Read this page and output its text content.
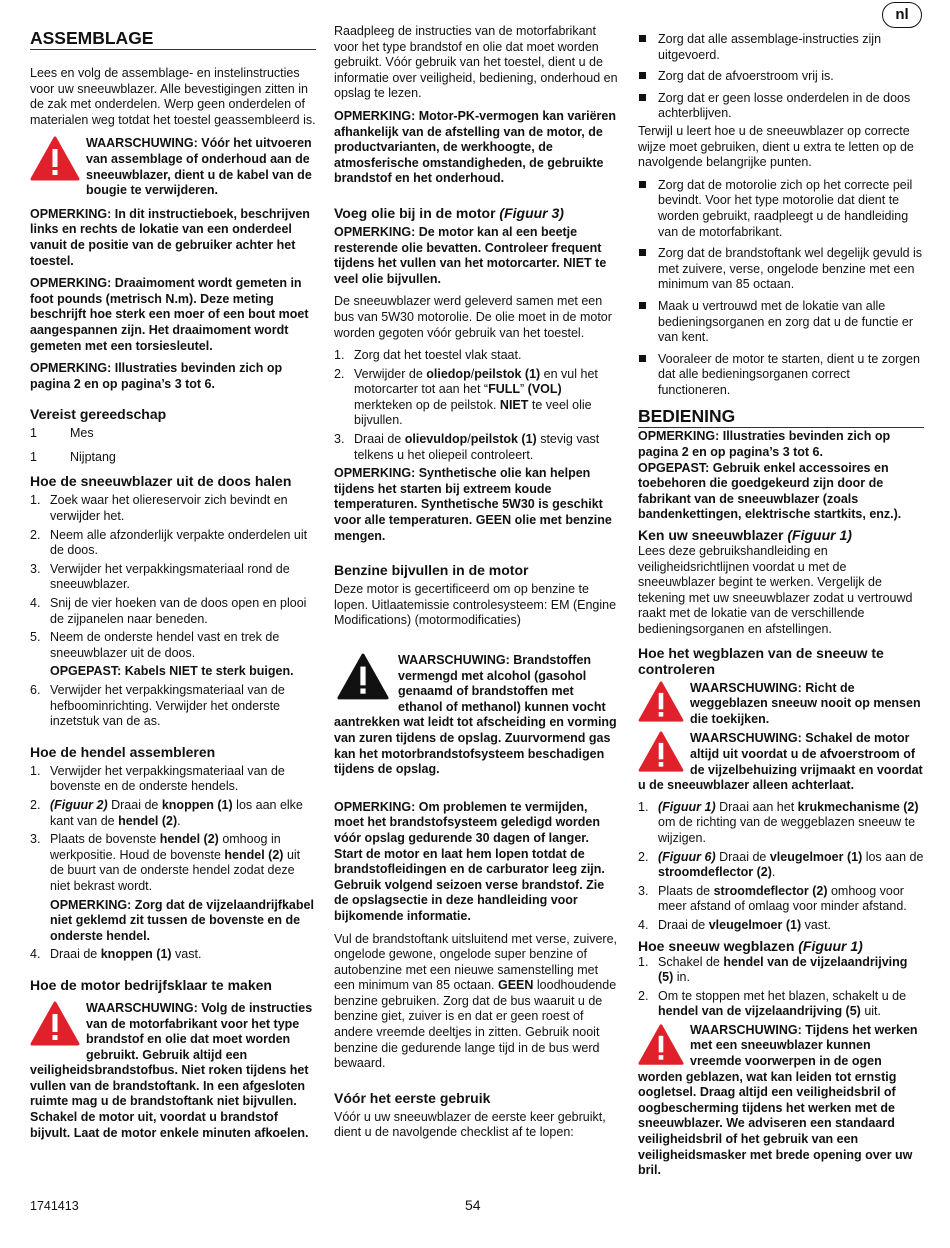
nl
ASSEMBLAGE

Lees en volg de assemblage- en instelinstructies voor uw sneeuwblazer. Alle bevestigingen zitten in de zak met onderdelen. Werp geen onderdelen of materialen weg totdat het toestel geassembleerd is.

WAARSCHUWING: Vóór het uitvoeren van assemblage of onderhoud aan de sneeuwblazer, dient u de kabel van de bougie te verwijderen.
OPMERKING: In dit instructieboek, beschrijven links en rechts de lokatie van een onderdeel vanuit de positie van de gebruiker achter het toestel.
OPMERKING: Draaimoment wordt gemeten in foot pounds (metrisch N.m). Deze meting beschrijft hoe sterk een moer of een bout moet aangespannen zijn. Het draaimoment wordt gemeten met een torsiesleutel.
OPMERKING: Illustraties bevinden zich op pagina 2 en op pagina’s 3 tot 6.
Vereist gereedschap
1	Mes
1	Nijptang
Hoe de sneeuwblazer uit de doos halen
1. Zoek waar het oliereservoir zich bevindt en verwijder het.
2. Neem alle afzonderlijk verpakte onderdelen uit de doos.
3. Verwijder het verpakkingsmateriaal rond de sneeuwblazer.
4. Snij de vier hoeken van de doos open en plooi de zijpanelen naar beneden.
5. Neem de onderste hendel vast en trek de sneeuwblazer uit de doos.
OPGEPAST: Kabels NIET te sterk buigen.
6. Verwijder het verpakkingsmateriaal van de hefboominrichting. Verwijder het onderste inzetstuk van de as.
Hoe de hendel assembleren
1. Verwijder het verpakkingsmateriaal van de bovenste en de onderste hendels.
2. (Figuur 2) Draai de knoppen (1) los aan elke kant van de hendel (2).
3. Plaats de bovenste hendel (2) omhoog in werkpositie. Houd de bovenste hendel (2) uit de buurt van de onderste hendel zodat deze niet bekrast wordt.
OPMERKING: Zorg dat de vijzelaandrijfkabel niet geklemd zit tussen de bovenste en de onderste hendel.
4. Draai de knoppen (1) vast.
Hoe de motor bedrijfsklaar te maken
WAARSCHUWING: Volg de instructies van de motorfabrikant voor het type brandstof en olie dat moet worden gebruikt. Gebruik altijd een veiligheidsbrandstofbus. Niet roken tijdens het vullen van de brandstoftank. In een afgesloten ruimte mag u de brandstoftank niet bijvullen. Schakel de motor uit, voordat u brandstof bijvult. Laat de motor enkele minuten afkoelen.

Raadpleeg de instructies van de motorfabrikant voor het type brandstof en olie dat moet worden gebruikt. Vóór gebruik van het toestel, dient u de informatie over veiligheid, bediening, onderhoud en opslag te lezen.

OPMERKING: Motor-PK-vermogen kan variëren afhankelijk van de afstelling van de motor, de productvarianten, de werkhoogte, de atmosferische omstandigheden, de gebruikte brandstof en het onderhoud.
Voeg olie bij in de motor (Figuur 3)
OPMERKING: De motor kan al een beetje resterende olie bevatten. Controleer frequent tijdens het vullen van het motorcarter. NIET te veel olie bijvullen.

De sneeuwblazer werd geleverd samen met een bus van 5W30 motorolie. De olie moet in de motor worden gegoten vóór gebruik van het toestel.

1. Zorg dat het toestel vlak staat.
2. Verwijder de oliedop/peilstok (1) en vul het motorcarter tot aan het “FULL” (VOL) merkteken op de peilstok. NIET te veel olie bijvullen.
3. Draai de olievuldop/peilstok (1) stevig vast telkens u het oliepeil controleert.
OPMERKING: Synthetische olie kan helpen tijdens het starten bij extreem koude temperaturen. Synthetische 5W30 is geschikt voor alle temperaturen. GEEN olie met benzine mengen.
Benzine bijvullen in de motor

Deze motor is gecertificeerd om op benzine te lopen. Uitlaatemissie controlesysteem: EM (Engine Modifications) (motormodificaties)

WAARSCHUWING: Brandstoffen vermengd met alcohol (gasohol genaamd of brandstoffen met ethanol of methanol) kunnen vocht aantrekken wat leidt tot afscheiding en vorming van zuren tijdens de opslag. Zuurvormend gas kan het motorbrandstofsysteem beschadigen tijdens de opslag.
OPMERKING: Om problemen te vermijden, moet het brandstofsysteem geledigd worden vóór opslag gedurende 30 dagen of langer. Start de motor en laat hem lopen totdat de brandstofleidingen en de carburator leeg zijn. Gebruik volgend seizoen verse brandstof. Zie de opslagsectie in deze handleiding voor bijkomende informatie.

Vul de brandstoftank uitsluitend met verse, zuivere, ongelode gewone, ongelode super benzine of autobenzine met een nieuwe samenstelling met een minimum van 85 octaan. GEEN loodhoudende benzine gebruiken. Zorg dat de bus waaruit u de benzine giet, zuiver is en dat er geen roest of andere vreemde deeltjes in zitten. Gebruik nooit benzine die gedurende lange tijd in de bus werd bewaard.

Vóór het eerste gebruik

Vóór u uw sneeuwblazer de eerste keer gebruikt, dient u de navolgende checklist af te lopen:

Zorg dat alle assemblage-instructies zijn uitgevoerd.
Zorg dat de afvoerstroom vrij is.
Zorg dat er geen losse onderdelen in de doos achterblijven.

Terwijl u leert hoe u de sneeuwblazer op correcte wijze moet gebruiken, dient u extra te letten op de navolgende belangrijke punten.

Zorg dat de motorolie zich op het correcte peil bevindt. Voor het type motorolie dat dient te worden gebruikt, raadpleegt u de handleiding van de motorfabrikant.
Zorg dat de brandstoftank wel degelijk gevuld is met zuivere, verse, ongelode benzine met een minimum van 85 octaan.
Maak u vertrouwd met de lokatie van alle bedieningsorganen en zorg dat u de functie er van kent.
Vooraleer de motor te starten, dient u te zorgen dat alle bedieningsorganen correct functioneren.
BEDIENING
OPMERKING: Illustraties bevinden zich op pagina 2 en op pagina’s 3 tot 6.
OPGEPAST: Gebruik enkel accessoires en toebehoren die goedgekeurd zijn door de fabrikant van de sneeuwblazer (zoals bandenkettingen, elektrische startkits, enz.).
Ken uw sneeuwblazer (Figuur 1)

Lees deze gebruikshandleiding en veiligheidsrichtlijnen voordat u met de sneeuwblazer begint te werken. Vergelijk de tekening met uw sneeuwblazer zodat u vertrouwd raakt met de lokatie van de verschillende bedieningsorganen en afstellingen.

Hoe het wegblazen van de sneeuw te controleren
WAARSCHUWING: Richt de weggeblazen sneeuw nooit op mensen die toekijken.
WAARSCHUWING: Schakel de motor altijd uit voordat u de afvoerstroom of de vijzelbehuizing vrijmaakt en voordat u de sneeuwblazer alleen achterlaat.
1. (Figuur 1) Draai aan het krukmechanisme (2) om de richting van de weggeblazen sneeuw te wijzigen.
2. (Figuur 6) Draai de vleugelmoer (1) los aan de stroomdeflector (2).
3. Plaats de stroomdeflector (2) omhoog voor meer afstand of omlaag voor minder afstand.
4. Draai de vleugelmoer (1) vast.
Hoe sneeuw wegblazen (Figuur 1)
1. Schakel de hendel van de vijzelaandrijving (5) in.
2. Om te stoppen met het blazen, schakelt u de hendel van de vijzelaandrijving (5) uit.
WAARSCHUWING: Tijdens het werken met een sneeuwblazer kunnen vreemde voorwerpen in de ogen worden geblazen, wat kan leiden tot ernstig oogletsel. Draag altijd een veiligheidsbril of oogbescherming tijdens het werken met de sneeuwblazer. We adviseren een standaard veiligheidsbril of het gebruik van een veiligheidsmasker met brede opening over uw bril.
1741413	54
